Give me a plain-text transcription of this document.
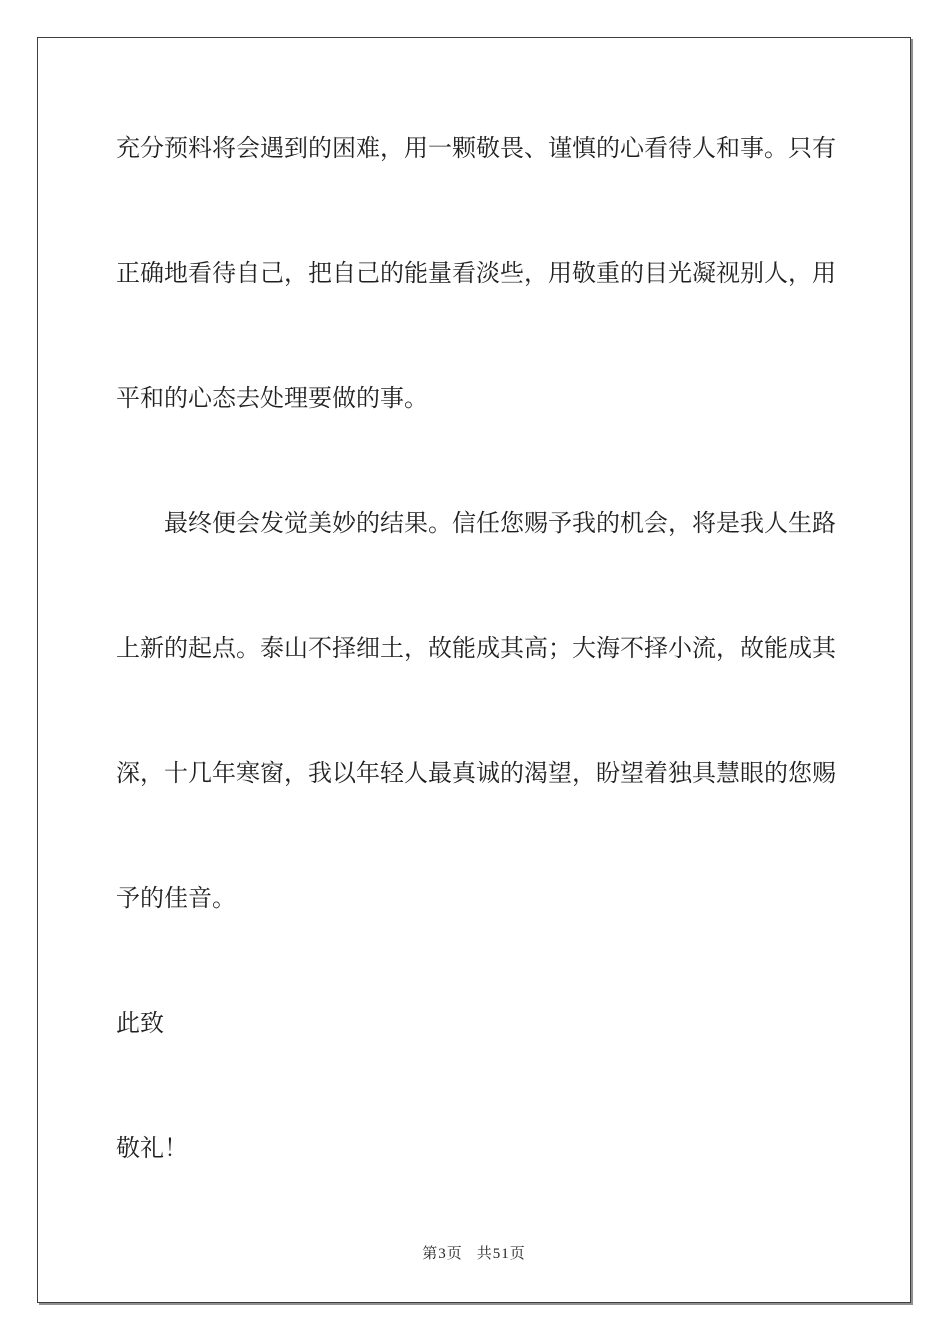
充分预料将会遇到的困难，用一颗敬畏、谨慎的心看待人和事。只有
正确地看待自己，把自己的能量看淡些，用敬重的目光凝视别人，用
平和的心态去处理要做的事。
最终便会发觉美妙的结果。信任您赐予我的机会，将是我人生路
上新的起点。泰山不择细土，故能成其高；大海不择小流，故能成其
深，十几年寒窗，我以年轻人最真诚的渴望，盼望着独具慧眼的您赐
予的佳音。
此致
敬礼！
第3页 共51页
